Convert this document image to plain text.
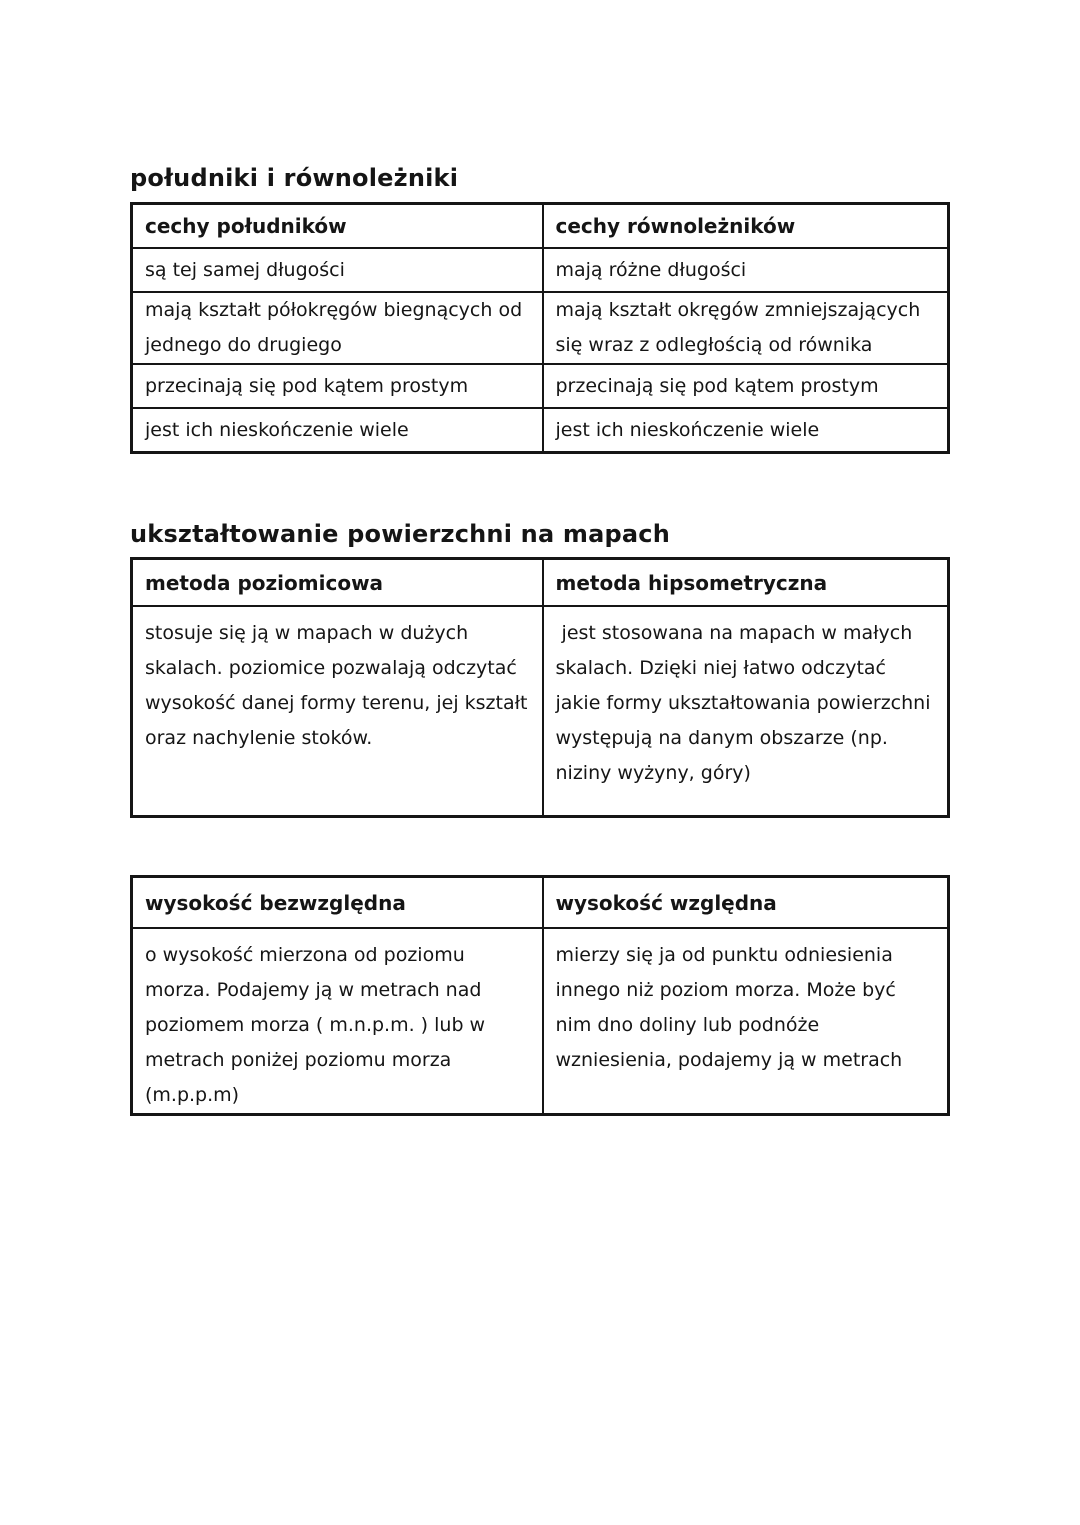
południki i równoleżniki
cechy południków	cechy równoleżników
są tej samej długości	mają różne długości
mają kształt półokręgów biegnących od jednego do drugiego	mają kształt okręgów zmniejszających się wraz z odległością od równika
przecinają się pod kątem prostym	przecinają się pod kątem prostym
jest ich nieskończenie wiele	jest ich nieskończenie wiele
ukształtowanie powierzchni na mapach
metoda poziomicowa	metoda hipsometryczna
stosuje się ją w mapach w dużych skalach. poziomice pozwalają odczytać wysokość danej formy terenu, jej kształt oraz nachylenie stoków.	jest stosowana na mapach w małych skalach. Dzięki niej łatwo odczytać jakie formy ukształtowania powierzchni występują na danym obszarze (np. niziny wyżyny, góry)
wysokość bezwzględna	wysokość względna
o wysokość mierzona od poziomu morza. Podajemy ją w metrach nad poziomem morza ( m.n.p.m. ) lub w metrach poniżej poziomu morza (m.p.p.m)	mierzy się ja od punktu odniesienia innego niż poziom morza. Może być nim dno doliny lub podnóże wzniesienia, podajemy ją w metrach
